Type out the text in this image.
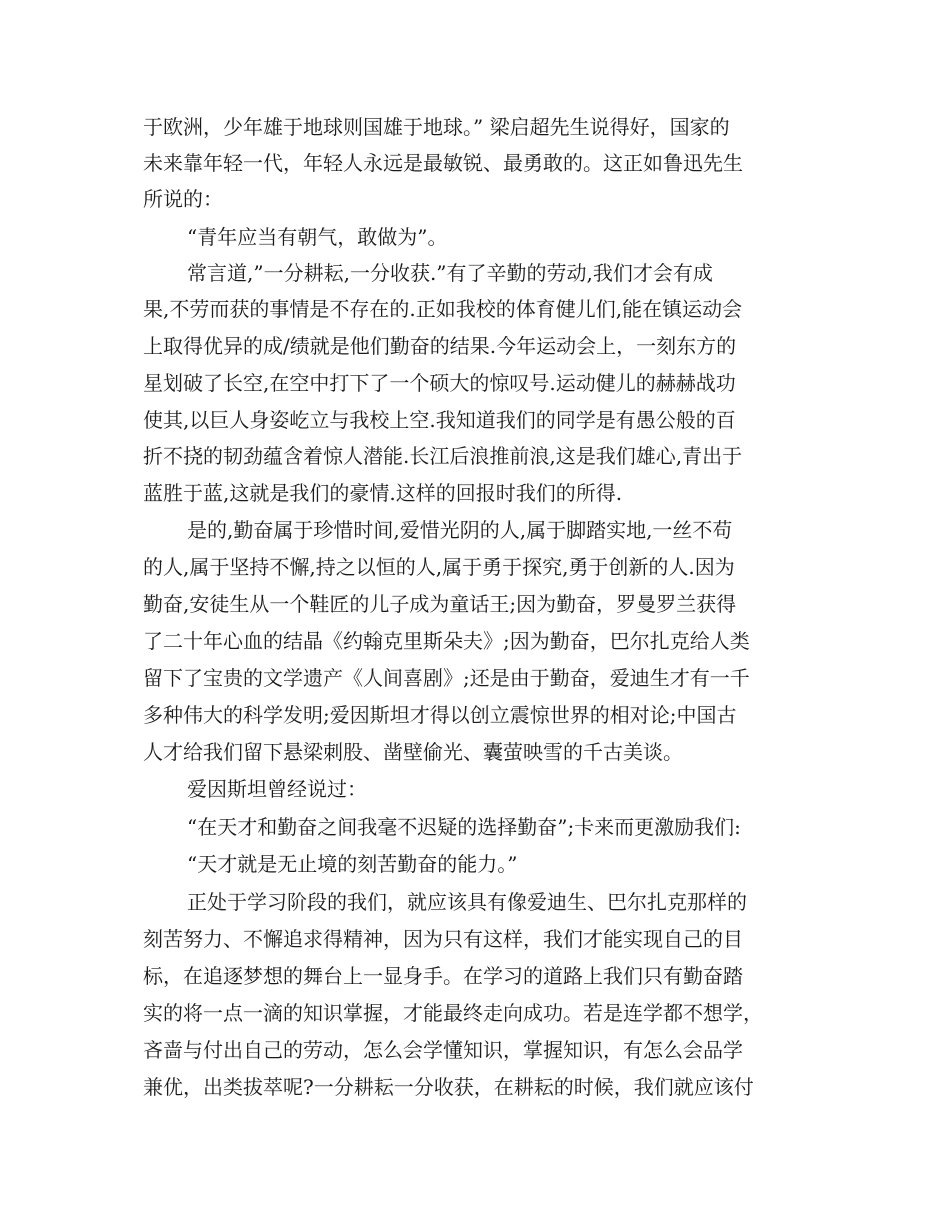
于欧洲，少年雄于地球则国雄于地球。” 梁启超先生说得好，国家的
未来靠年轻一代，年轻人永远是最敏锐、最勇敢的。这正如鲁迅先生
所说的：
“青年应当有朝气，敢做为”。
常言道,”一分耕耘,一分收获.”有了辛勤的劳动,我们才会有成
果,不劳而获的事情是不存在的.正如我校的体育健儿们,能在镇运动会
上取得优异的成/绩就是他们勤奋的结果.今年运动会上，一刻东方的
星划破了长空,在空中打下了一个硕大的惊叹号.运动健儿的赫赫战功
使其,以巨人身姿屹立与我校上空.我知道我们的同学是有愚公般的百
折不挠的韧劲蕴含着惊人潜能.长江后浪推前浪,这是我们雄心,青出于
蓝胜于蓝,这就是我们的豪情.这样的回报时我们的所得.
是的,勤奋属于珍惜时间,爱惜光阴的人,属于脚踏实地,一丝不苟
的人,属于坚持不懈,持之以恒的人,属于勇于探究,勇于创新的人.因为
勤奋,安徒生从一个鞋匠的儿子成为童话王;因为勤奋，罗曼罗兰获得
了二十年心血的结晶《约翰克里斯朵夫》;因为勤奋，巴尔扎克给人类
留下了宝贵的文学遗产《人间喜剧》;还是由于勤奋，爱迪生才有一千
多种伟大的科学发明;爱因斯坦才得以创立震惊世界的相对论;中国古
人才给我们留下悬梁刺股、凿壁偷光、囊萤映雪的千古美谈。
爱因斯坦曾经说过：
“在天才和勤奋之间我毫不迟疑的选择勤奋”;卡来而更激励我们:
“天才就是无止境的刻苦勤奋的能力。”
正处于学习阶段的我们，就应该具有像爱迪生、巴尔扎克那样的
刻苦努力、不懈追求得精神，因为只有这样，我们才能实现自己的目
标，在追逐梦想的舞台上一显身手。在学习的道路上我们只有勤奋踏
实的将一点一滴的知识掌握，才能最终走向成功。若是连学都不想学，
吝啬与付出自己的劳动，怎么会学懂知识，掌握知识，有怎么会品学
兼优，出类拔萃呢?一分耕耘一分收获，在耕耘的时候，我们就应该付
